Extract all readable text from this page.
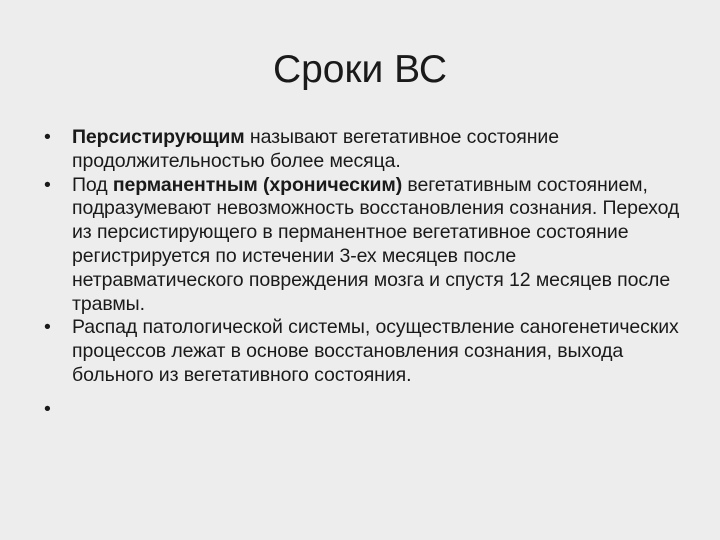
Сроки ВС
• Персистирующим называют вегетативное состояние продолжительностью более месяца.
• Под перманентным (хроническим) вегетативным состоянием, подразумевают невозможность восстановления сознания. Переход из персистирующего в перманентное вегетативное состояние регистрируется по истечении 3-ех месяцев после нетравматического повреждения мозга и спустя 12 месяцев после травмы.
• Распад патологической системы, осуществление саногенетических процессов лежат в основе восстановления сознания, выхода больного из вегетативного состояния.
•
